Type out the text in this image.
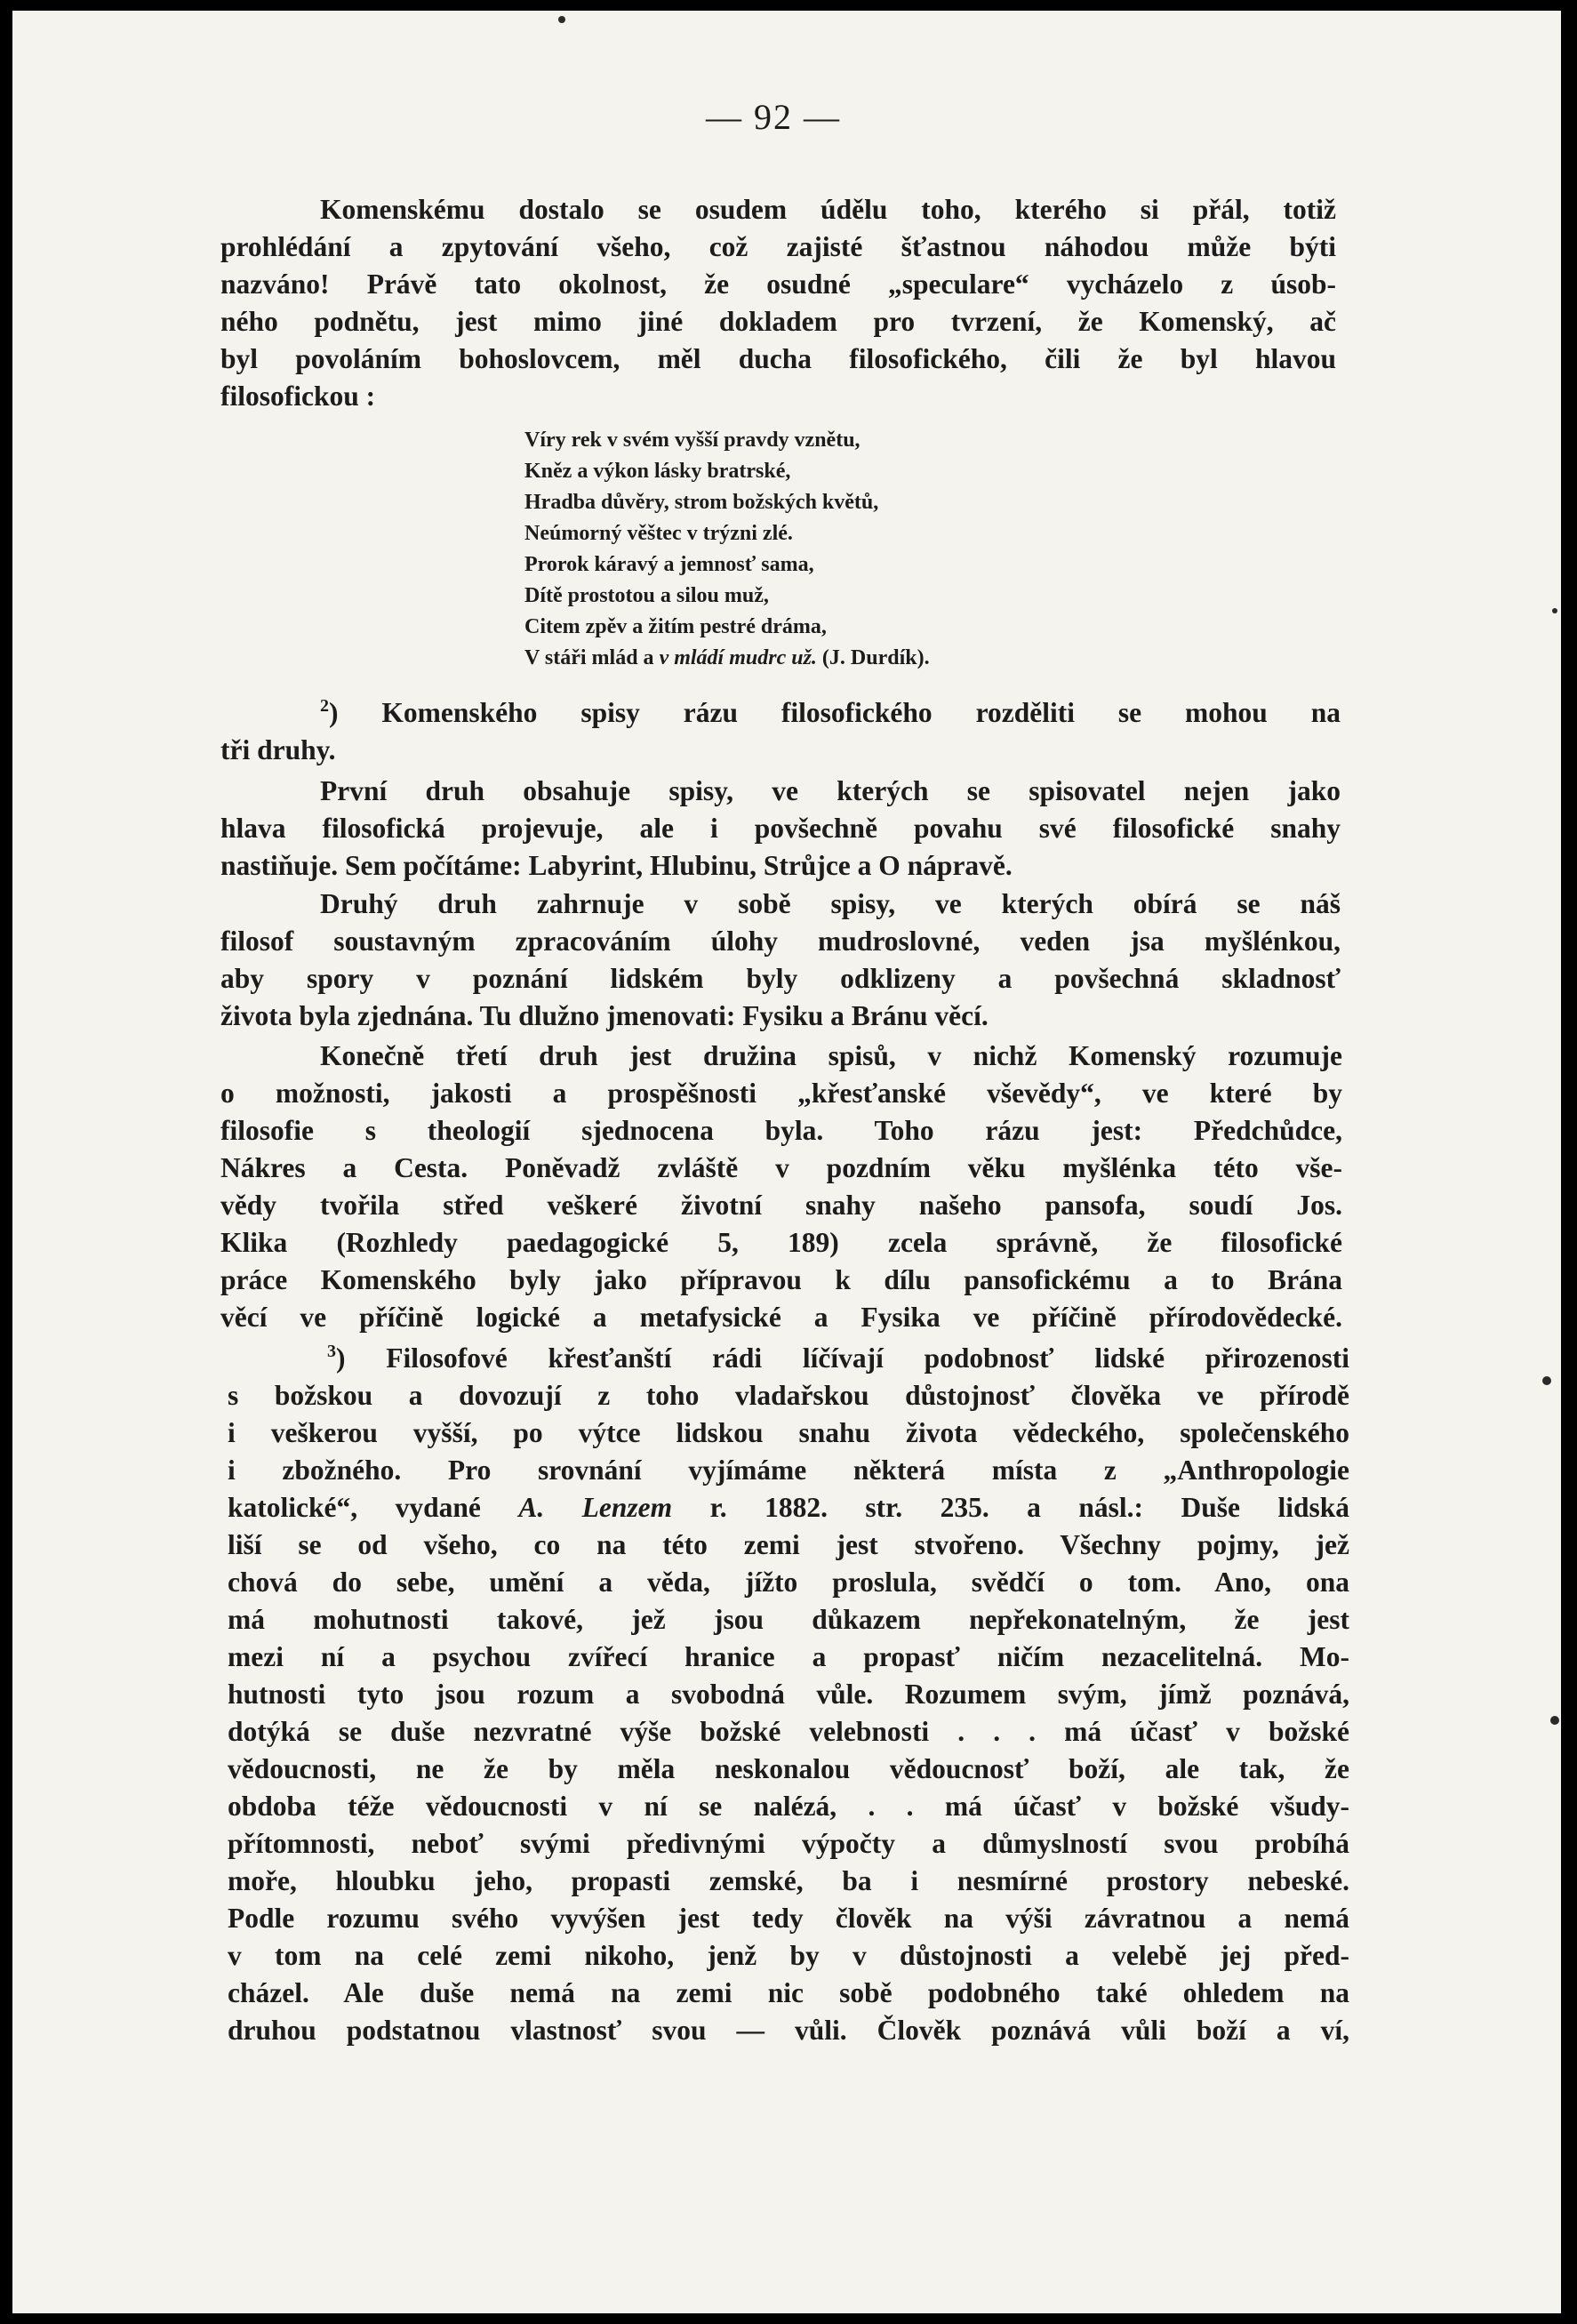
— 92 —
Komenskému dostalo se osudem údělu toho, kterého si přál, totiž
prohlédání a zpytování všeho, což zajisté šťastnou náhodou může býti
nazváno! Právě tato okolnost, že osudné „speculare“ vycházelo z úsob-
ného podnětu, jest mimo jiné dokladem pro tvrzení, že Komenský, ač
byl povoláním bohoslovcem, měl ducha filosofického, čili že byl hlavou
filosofickou :
Víry rek v svém vyšší pravdy vznětu,
Kněz a výkon lásky bratrské,
Hradba důvěry, strom božských květů,
Neúmorný věštec v trýzni zlé.
Prorok káravý a jemnosť sama,
Dítě prostotou a silou muž,
Citem zpěv a žitím pestré dráma,
V stáři mlád a v mládí mudrc už. (J. Durdík).
$^2$) Komenského spisy rázu filosofického rozděliti se mohou na
tři druhy.
První druh obsahuje spisy, ve kterých se spisovatel nejen jako
hlava filosofická projevuje, ale i povšechně povahu své filosofické snahy
nastiňuje. Sem počítáme: Labyrint, Hlubinu, Strůjce a O nápravě.
Druhý druh zahrnuje v sobě spisy, ve kterých obírá se náš
filosof soustavným zpracováním úlohy mudroslovné, veden jsa myšlénkou,
aby spory v poznání lidském byly odklizeny a povšechná skladnosť
života byla zjednána. Tu dlužno jmenovati: Fysiku a Bránu věcí.
Konečně třetí druh jest družina spisů, v nichž Komenský rozumuje
o možnosti, jakosti a prospěšnosti „křesťanské vševědy“, ve které by
filosofie s theologií sjednocena byla. Toho rázu jest: Předchůdce,
Nákres a Cesta. Poněvadž zvláště v pozdním věku myšlénka této vše-
vědy tvořila střed veškeré životní snahy našeho pansofa, soudí Jos.
Klika (Rozhledy paedagogické 5, 189) zcela správně, že filosofické
práce Komenského byly jako přípravou k dílu pansofickému a to Brána
věcí ve příčině logické a metafysické a Fysika ve příčině přírodovědecké.
$^3$) Filosofové křesťanští rádi líčívají podobnosť lidské přirozenosti
s božskou a dovozují z toho vladařskou důstojnosť člověka ve přírodě
i veškerou vyšší, po výtce lidskou snahu života vědeckého, společenského
i zbožného. Pro srovnání vyjímáme některá místa z „Anthropologie
katolické“, vydané A. Lenzem r. 1882. str. 235. a násl.: Duše lidská
liší se od všeho, co na této zemi jest stvořeno. Všechny pojmy, jež
chová do sebe, umění a věda, jížto proslula, svědčí o tom. Ano, ona
má mohutnosti takové, jež jsou důkazem nepřekonatelným, že jest
mezi ní a psychou zvířecí hranice a propasť ničím nezacelitelná. Mo-
hutnosti tyto jsou rozum a svobodná vůle. Rozumem svým, jímž poznává,
dotýká se duše nezvratné výše božské velebnosti . . . má účasť v božské
vědoucnosti, ne že by měla neskonalou vědoucnosť boží, ale tak, že
obdoba téže vědoucnosti v ní se nalézá, . . má účasť v božské všudy-
přítomnosti, neboť svými předivnými výpočty a důmyslností svou probíhá
moře, hloubku jeho, propasti zemské, ba i nesmírné prostory nebeské.
Podle rozumu svého vyvýšen jest tedy člověk na výši závratnou a nemá
v tom na celé zemi nikoho, jenž by v důstojnosti a velebě jej před-
cházel. Ale duše nemá na zemi nic sobě podobného také ohledem na
druhou podstatnou vlastnosť svou — vůli. Člověk poznává vůli boží a ví,
